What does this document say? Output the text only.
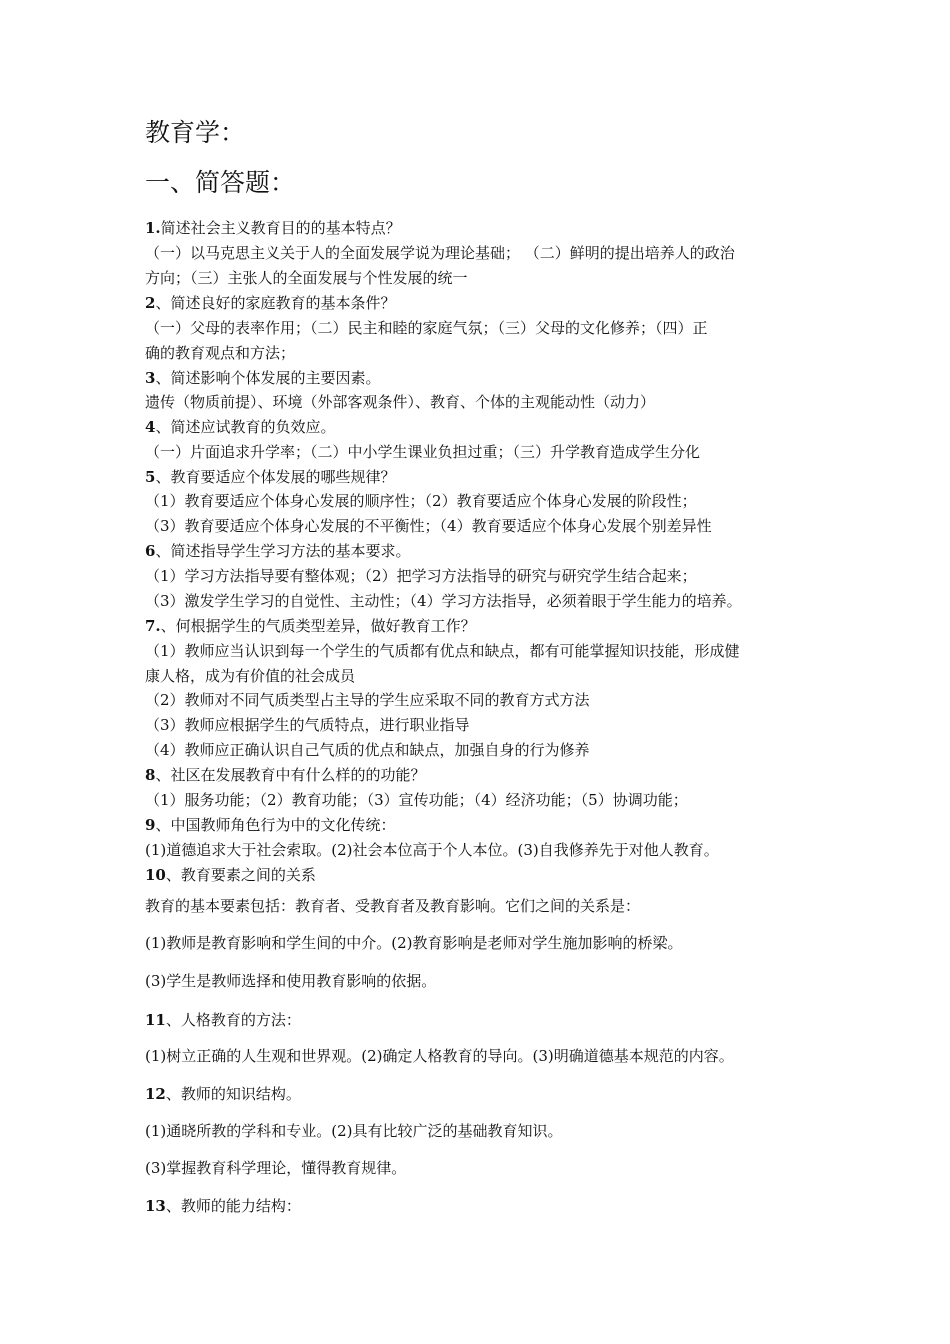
教育学：
一、简答题：
1.简述社会主义教育目的的基本特点？
（一）以马克思主义关于人的全面发展学说为理论基础； （二）鲜明的提出培养人的政治
方向；（三）主张人的全面发展与个性发展的统一
2、简述良好的家庭教育的基本条件？
（一）父母的表率作用；（二）民主和睦的家庭气氛；（三）父母的文化修养；（四）正
确的教育观点和方法；
3、简述影响个体发展的主要因素。
遗传（物质前提）、环境（外部客观条件）、教育、个体的主观能动性（动力）
4、简述应试教育的负效应。
（一）片面追求升学率；（二）中小学生课业负担过重；（三）升学教育造成学生分化
5、教育要适应个体发展的哪些规律？
（1）教育要适应个体身心发展的顺序性；（2）教育要适应个体身心发展的阶段性；
（3）教育要适应个体身心发展的不平衡性；（4）教育要适应个体身心发展个别差异性
6、简述指导学生学习方法的基本要求。
（1）学习方法指导要有整体观；（2）把学习方法指导的研究与研究学生结合起来；
（3）激发学生学习的自觉性、主动性；（4）学习方法指导，必须着眼于学生能力的培养。
7.、何根据学生的气质类型差异，做好教育工作？
（1）教师应当认识到每一个学生的气质都有优点和缺点，都有可能掌握知识技能，形成健
康人格，成为有价值的社会成员
（2）教师对不同气质类型占主导的学生应采取不同的教育方式方法
（3）教师应根据学生的气质特点，进行职业指导
（4）教师应正确认识自己气质的优点和缺点，加强自身的行为修养
8、社区在发展教育中有什么样的的功能？
（1）服务功能；（2）教育功能；（3）宣传功能；（4）经济功能；（5）协调功能；
9、中国教师角色行为中的文化传统：
(1)道德追求大于社会索取。(2)社会本位高于个人本位。(3)自我修养先于对他人教育。
10、教育要素之间的关系
教育的基本要素包括：教育者、受教育者及教育影响。它们之间的关系是：
(1)教师是教育影响和学生间的中介。(2)教育影响是老师对学生施加影响的桥梁。
(3)学生是教师选择和使用教育影响的依据。
11、人格教育的方法：
(1)树立正确的人生观和世界观。(2)确定人格教育的导向。(3)明确道德基本规范的内容。
12、教师的知识结构。
(1)通晓所教的学科和专业。(2)具有比较广泛的基础教育知识。
(3)掌握教育科学理论，懂得教育规律。
13、教师的能力结构：
